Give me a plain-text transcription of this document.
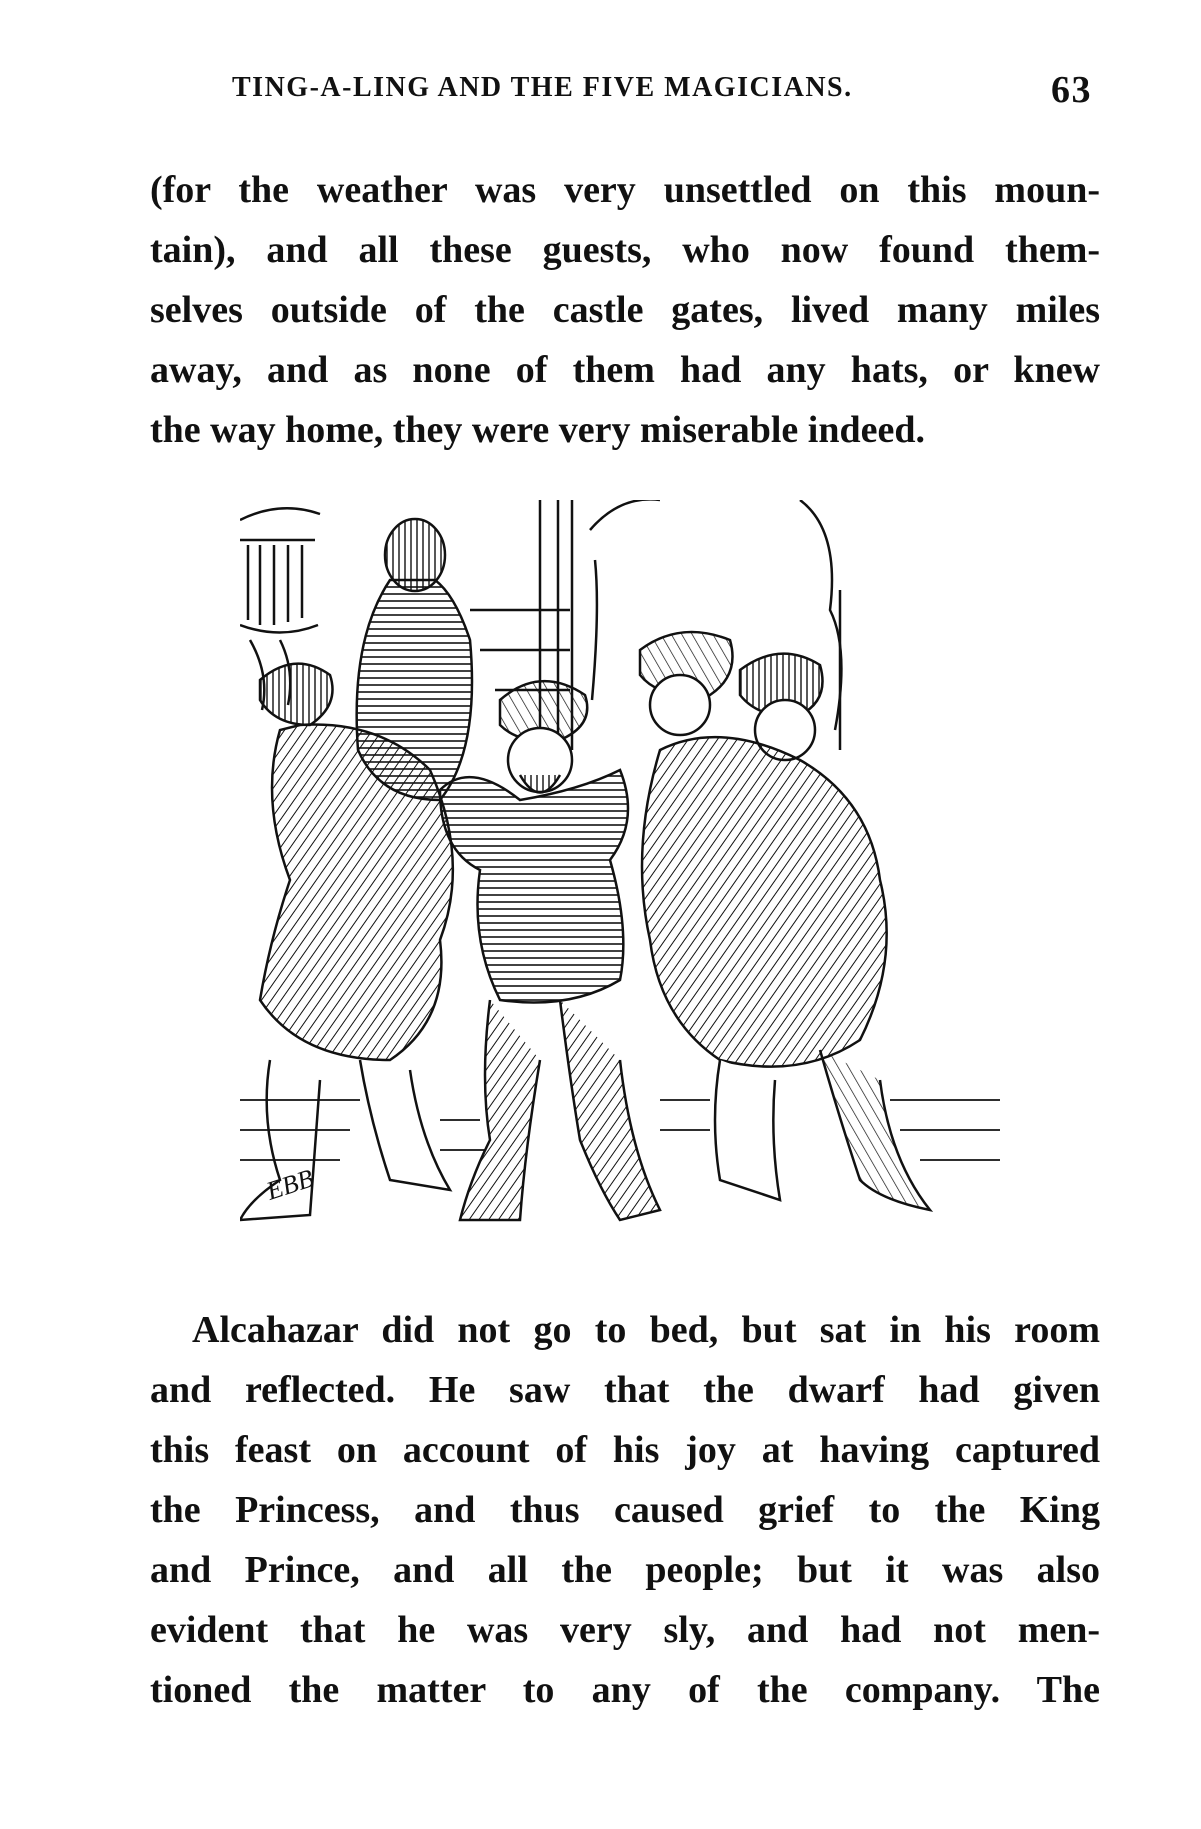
TING-A-LING AND THE FIVE MAGICIANS.	63
(for the weather was very unsettled on this moun-
tain), and all these guests, who now found them-
selves outside of the castle gates, lived many miles
away, and as none of them had any hats, or knew
the way home, they were very miserable indeed.
EBB
Alcahazar did not go to bed, but sat in his room
and reflected. He saw that the dwarf had given
this feast on account of his joy at having captured
the Princess, and thus caused grief to the King
and Prince, and all the people; but it was also
evident that he was very sly, and had not men-
tioned the matter to any of the company. The
